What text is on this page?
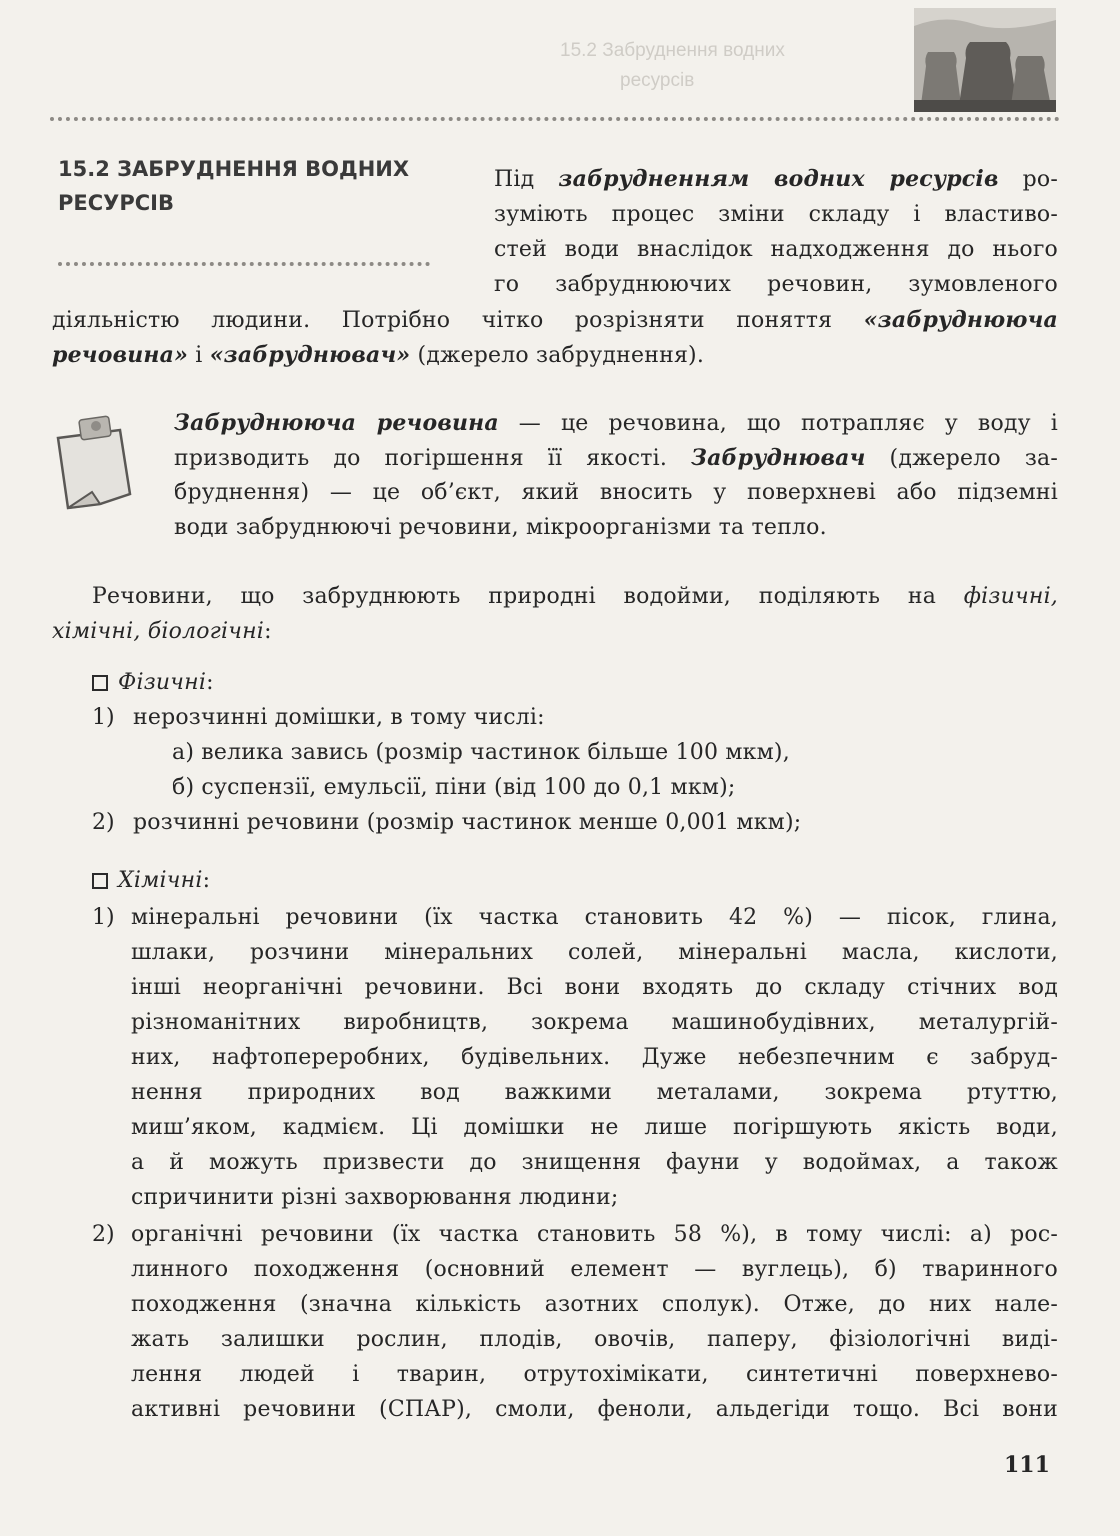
15.2 Забруднення водних
ресурсів
15.2 ЗАБРУДНЕННЯ ВОДНИХ
РЕСУРСІВ
Під забрудненням водних ресурсів ро-
зуміють процес зміни складу і властиво-
стей води внаслідок надходження до нього
го забруднюючих речовин, зумовленого
діяльністю людини. Потрібно чітко розрізняти поняття «забруднююча
речовина» і «забруднювач» (джерело забруднення).
Забруднююча речовина — це речовина, що потрапляє у воду і
призводить до погіршення її якості. Забруднювач (джерело за-
бруднення) — це об’єкт, який вносить у поверхневі або підземні
води забруднюючі речовини, мікроорганізми та тепло.
Речовини, що забруднюють природні водойми, поділяють на фізичні,
хімічні, біологічні:
Фізичні:
1) нерозчинні домішки, в тому числі:
а) велика завись (розмір частинок більше 100 мкм),
б) суспензії, емульсії, піни (від 100 до 0,1 мкм);
2) розчинні речовини (розмір частинок менше 0,001 мкм);
Хімічні:
1) мінеральні речовини (їх частка становить 42 %) — пісок, глина,
шлаки, розчини мінеральних солей, мінеральні масла, кислоти,
інші неорганічні речовини. Всі вони входять до складу стічних вод
різноманітних виробництв, зокрема машинобудівних, металургій-
них, нафтопереробних, будівельних. Дуже небезпечним є забруд-
нення природних вод важкими металами, зокрема ртуттю,
миш’яком, кадмієм. Ці домішки не лише погіршують якість води,
а й можуть призвести до знищення фауни у водоймах, а також
спричинити різні захворювання людини;
2) органічні речовини (їх частка становить 58 %), в тому числі: а) рос-
линного походження (основний елемент — вуглець), б) тваринного
походження (значна кількість азотних сполук). Отже, до них нале-
жать залишки рослин, плодів, овочів, паперу, фізіологічні виді-
лення людей і тварин, отрутохімікати, синтетичні поверхнево-
активні речовини (СПАР), смоли, феноли, альдегіди тощо. Всі вони
111
